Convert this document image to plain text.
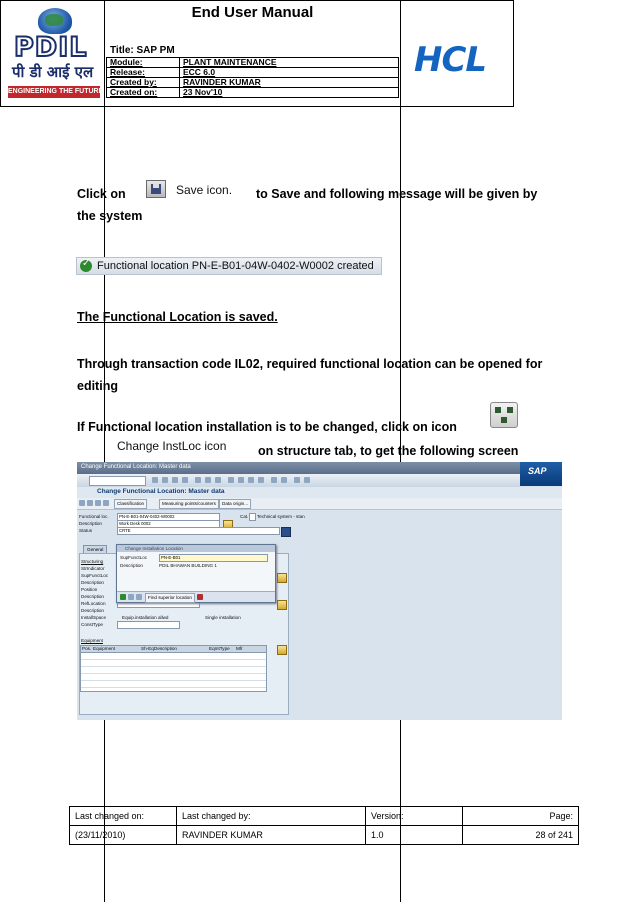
PDIL
पी डी आई एल
ENGINEERING THE FUTURE
End User Manual
Title: SAP PM
Module:	PLANT MAINTENANCE
Release:	ECC 6.0
Created by:	RAVINDER KUMAR
Created on:	23 Nov'10
HCL
Click on	Save icon. to Save and following message will be given by
the system
✓
Functional location PN-E-B01-04W-0402-W0002 created
The Functional Location is saved.
Through transaction code IL02, required functional location can be opened for
editing
If Functional location installation is to be changed, click on icon
Change InstLoc icon	on structure tab, to get the following screen
Change Functional Location: Master data	SAP
Change Functional Location: Master data
Classification	Measuring points/counters	Data origin...
Functional loc.	PN-E-B01-04W-0402-W0002	Cat. Technical system - stan
Description	Work Desk 0002
Status	CRTE
General
Structuring
StrIndicator
SupFunctLoc
Description
Position
Description
RefLocation
Description
InstallSpace	Equip.installation allwd	Single installation
ConstType
Equipment
Pos. Equipment	Sh-Eq Description	EqmtType Mfr
Change Installation Location
SupFunctLoc	PN-E-B01
Description	PDIL BHAWAN BUILDING 1
Find superior location
Last changed on:	Last changed by:	Version:	Page:
(23/11/2010)	RAVINDER KUMAR	1.0	28 of 241
